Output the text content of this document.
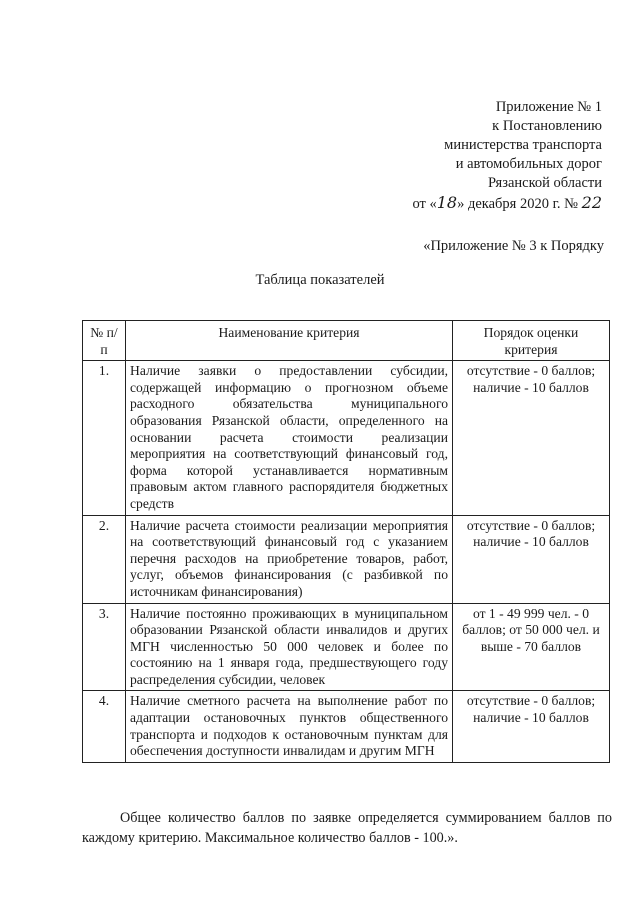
Приложение № 1
к Постановлению
министерства транспорта
и автомобильных дорог
Рязанской области
от «18» декабря 2020 г. № 22
«Приложение № 3 к Порядку
Таблица показателей
№ п/п	Наименование критерия	Порядок оценки критерия
1.	Наличие заявки о предоставлении субсидии, содержащей информацию о прогнозном объеме расходного обязательства муниципального образования Рязанской области, определенного на основании расчета стоимости реализации мероприятия на соответствующий финансовый год, форма которой устанавливается нормативным правовым актом главного распорядителя бюджетных средств	отсутствие - 0 баллов; наличие - 10 баллов
2.	Наличие расчета стоимости реализации мероприятия на соответствующий финансовый год с указанием перечня расходов на приобретение товаров, работ, услуг, объемов финансирования (с разбивкой по источникам финансирования)	отсутствие - 0 баллов; наличие - 10 баллов
3.	Наличие постоянно проживающих в муниципальном образовании Рязанской области инвалидов и других МГН численностью 50 000 человек и более по состоянию на 1 января года, предшествующего году распределения субсидии, человек	от 1 - 49 999 чел. - 0 баллов; от 50 000 чел. и выше - 70 баллов
4.	Наличие сметного расчета на выполнение работ по адаптации остановочных пунктов общественного транспорта и подходов к остановочным пунктам для обеспечения доступности инвалидам и другим МГН	отсутствие - 0 баллов; наличие - 10 баллов
Общее количество баллов по заявке определяется суммированием баллов по каждому критерию. Максимальное количество баллов - 100.».
